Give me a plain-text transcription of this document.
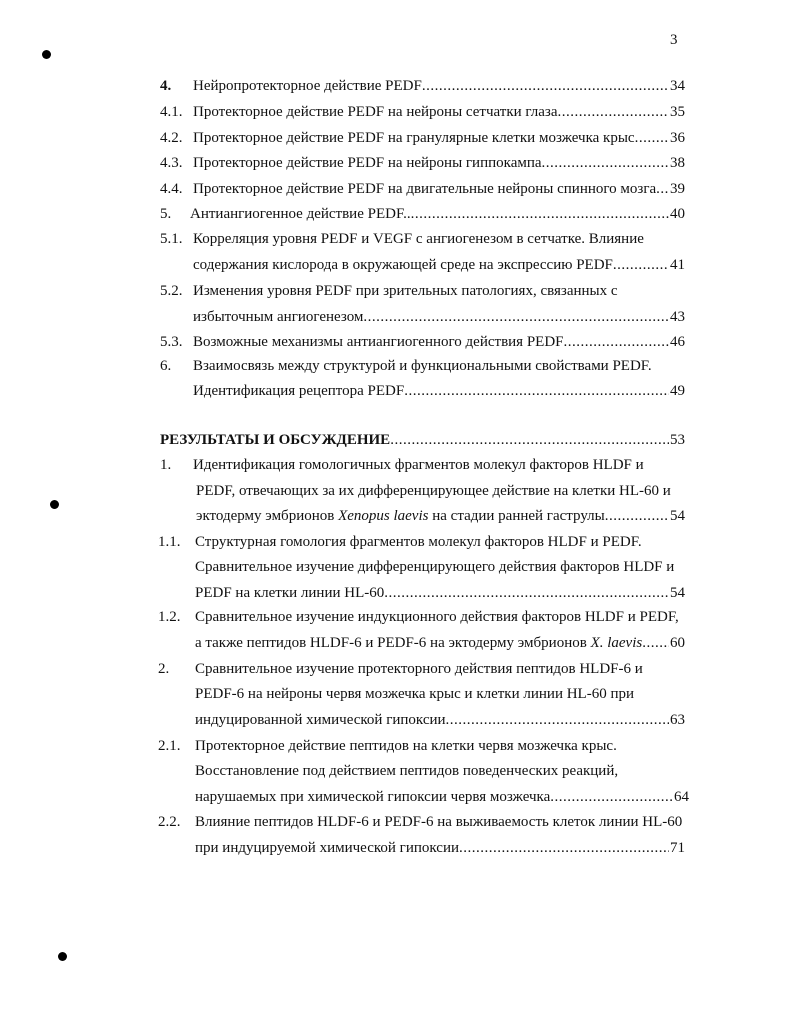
3
4. Нейропротекторное действие PEDF .....	34
4.1. Протекторное действие PEDF на нейроны сетчатки глаза .....	35
4.2. Протекторное действие PEDF на гранулярные клетки мозжечка крыс ..... 36
4.3. Протекторное действие PEDF на нейроны гиппокампа .....	38
4.4. Протекторное действие PEDF на двигательные нейроны спинного мозга ..... 39
5. Антиангиогенное действие PEDF.. .....	40
5.1. Корреляция уровня PEDF и VEGF с ангиогенезом в сетчатке. Влияние
содержания кислорода в окружающей среде на экспрессию PEDF .....	41
5.2. Изменения уровня PEDF при зрительных патологиях, связанных с
избыточным ангиогенезом .....	43
5.3. Возможные механизмы антиангиогенного действия PEDF .....	46
6. Взаимосвязь между структурой и функциональными свойствами PEDF.
Идентификация рецептора PEDF .....	49
РЕЗУЛЬТАТЫ И ОБСУЖДЕНИЕ .....	53
1. Идентификация гомологичных фрагментов молекул факторов HLDF и
PEDF, отвечающих за их дифференцирующее действие на клетки HL-60 и
эктодерму эмбрионов
Xenopus laevis
на стадии ранней гаструлы .....	54
1.1. Структурная гомология фрагментов молекул факторов HLDF и PEDF.
Сравнительное изучение дифференцирующего действия факторов HLDF и
PEDF на клетки линии HL-60 .....	54
1.2. Сравнительное изучение индукционного действия факторов HLDF и PEDF,
а также пептидов HLDF-6 и PEDF-6 на эктодерму эмбрионов
X. laevis ..... 60
2. Сравнительное изучение протекторного действия пептидов HLDF-6 и
PEDF-6 на нейроны червя мозжечка крыс и клетки линии HL-60 при
индуцированной химической гипоксии .....	63
2.1. Протекторное действие пептидов на клетки червя мозжечка крыс.
Восстановление под действием пептидов поведенческих реакций,
нарушаемых при химической гипоксии червя мозжечка .....	64
2.2. Влияние пептидов HLDF-6 и PEDF-6 на выживаемость клеток линии HL-60
при индуцируемой химической гипоксии .....	71
